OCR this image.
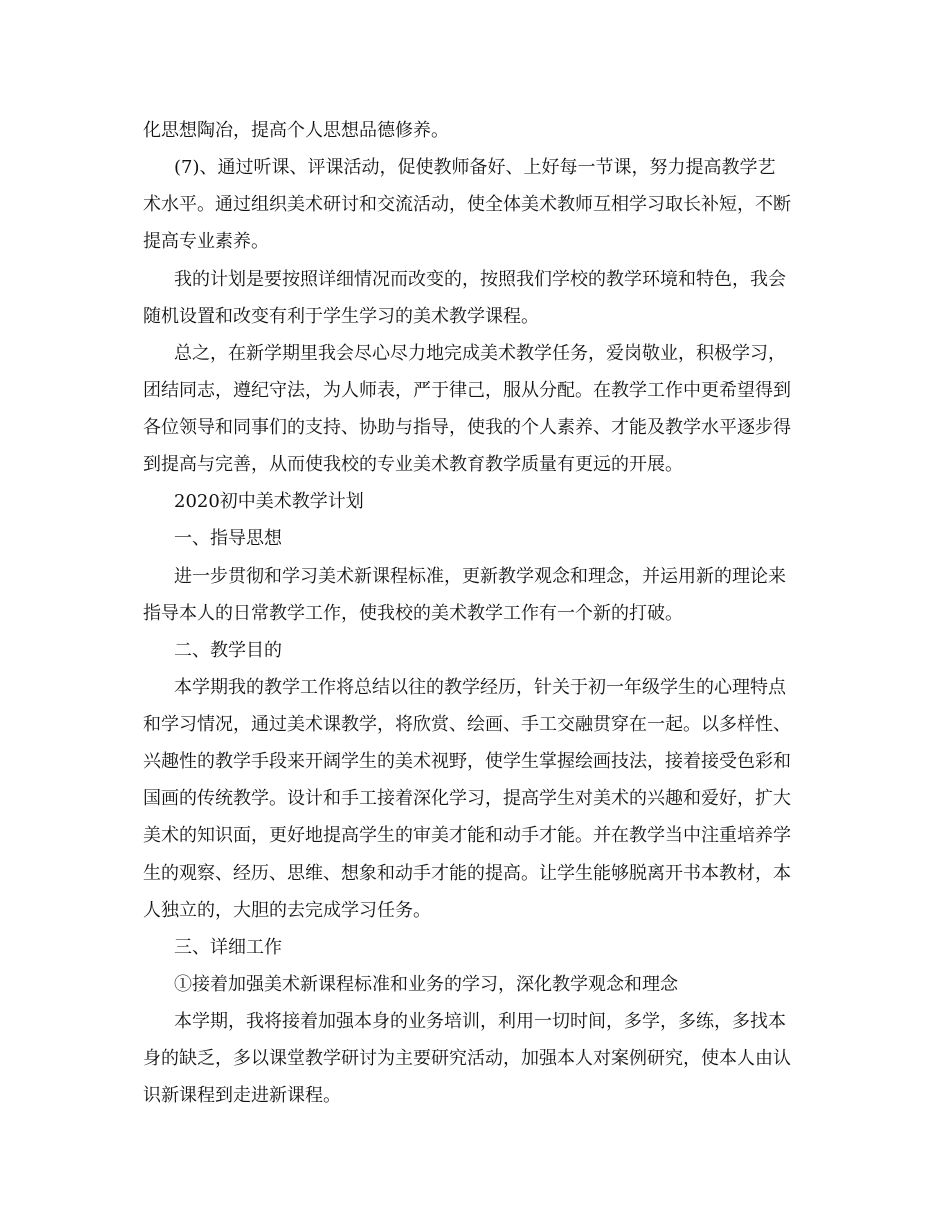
化思想陶冶，提高个人思想品德修养。

(7)、通过听课、评课活动，促使教师备好、上好每一节课，努力提高教学艺

术水平。通过组织美术研讨和交流活动，使全体美术教师互相学习取长补短，不断

提高专业素养。

我的计划是要按照详细情况而改变的，按照我们学校的教学环境和特色，我会

随机设置和改变有利于学生学习的美术教学课程。

总之，在新学期里我会尽心尽力地完成美术教学任务，爱岗敬业，积极学习，

团结同志，遵纪守法，为人师表，严于律己，服从分配。在教学工作中更希望得到

各位领导和同事们的支持、协助与指导，使我的个人素养、才能及教学水平逐步得

到提高与完善，从而使我校的专业美术教育教学质量有更远的开展。

2020初中美术教学计划

一、指导思想

进一步贯彻和学习美术新课程标准，更新教学观念和理念，并运用新的理论来

指导本人的日常教学工作，使我校的美术教学工作有一个新的打破。

二、教学目的

本学期我的教学工作将总结以往的教学经历，针关于初一年级学生的心理特点

和学习情况，通过美术课教学，将欣赏、绘画、手工交融贯穿在一起。以多样性、

兴趣性的教学手段来开阔学生的美术视野，使学生掌握绘画技法，接着接受色彩和

国画的传统教学。设计和手工接着深化学习，提高学生对美术的兴趣和爱好，扩大

美术的知识面，更好地提高学生的审美才能和动手才能。并在教学当中注重培养学

生的观察、经历、思维、想象和动手才能的提高。让学生能够脱离开书本教材，本

人独立的，大胆的去完成学习任务。

三、详细工作

①接着加强美术新课程标准和业务的学习，深化教学观念和理念

本学期，我将接着加强本身的业务培训，利用一切时间，多学，多练，多找本

身的缺乏，多以课堂教学研讨为主要研究活动，加强本人对案例研究，使本人由认

识新课程到走进新课程。
